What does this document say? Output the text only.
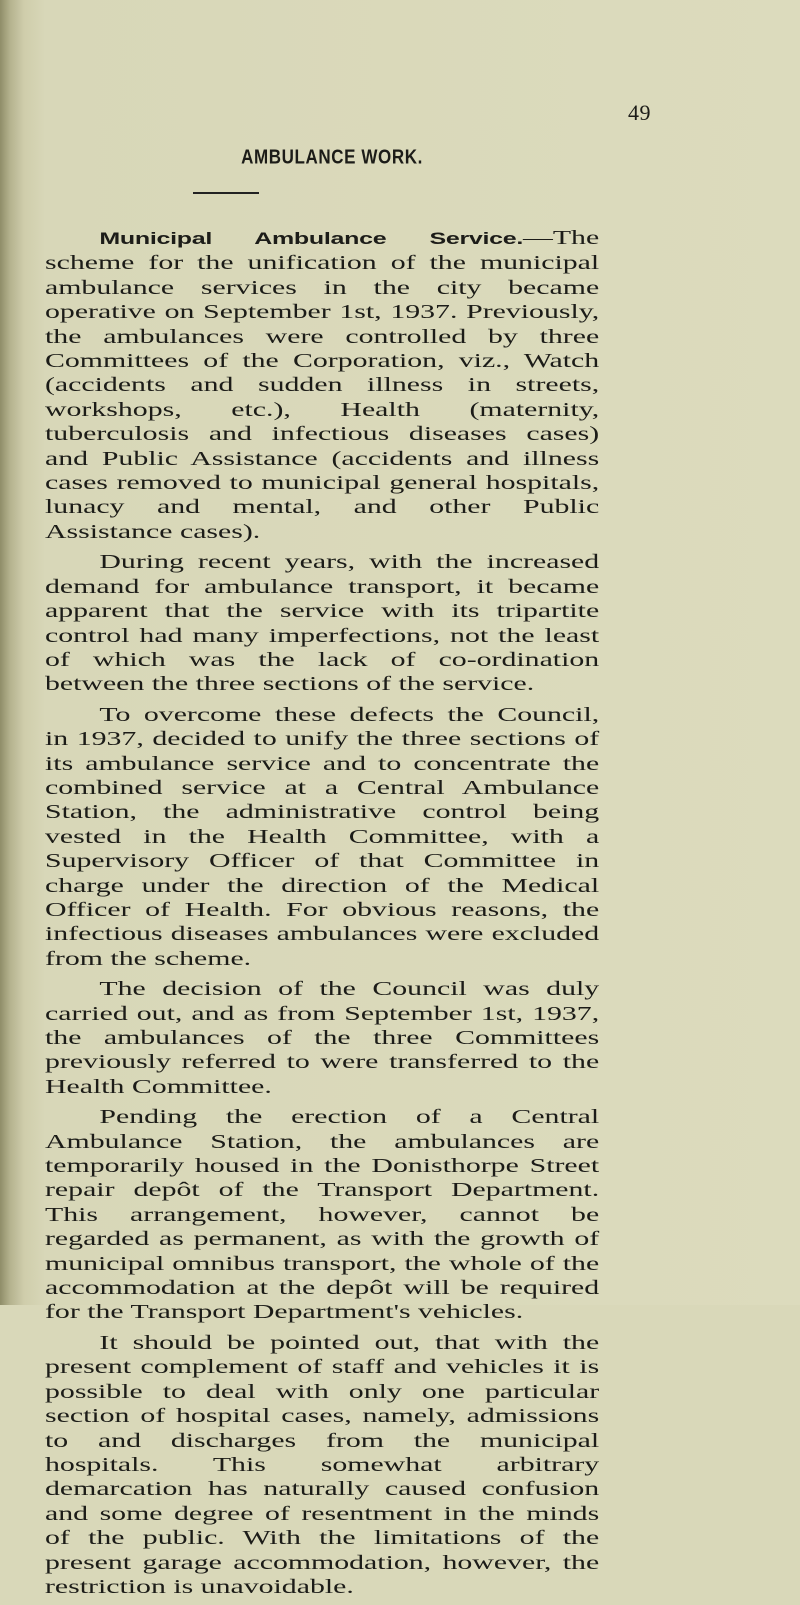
49
AMBULANCE WORK.

Municipal Ambulance Service.—The scheme for the unification of the municipal ambulance services in the city became operative on September 1st, 1937. Previously, the ambulances were controlled by three Committees of the Corporation, viz., Watch (accidents and sudden illness in streets, workshops, etc.), Health (maternity, tuberculosis and infectious diseases cases) and Public Assistance (accidents and illness cases removed to municipal general hospitals, lunacy and mental, and other Public Assistance cases).

During recent years, with the increased demand for ambulance transport, it became apparent that the service with its tripartite control had many imperfections, not the least of which was the lack of co-ordination between the three sections of the service.

To overcome these defects the Council, in 1937, decided to unify the three sections of its ambulance service and to concentrate the combined service at a Central Ambulance Station, the administrative control being vested in the Health Committee, with a Supervisory Officer of that Committee in charge under the direction of the Medical Officer of Health. For obvious reasons, the infectious diseases ambulances were excluded from the scheme.

The decision of the Council was duly carried out, and as from September 1st, 1937, the ambulances of the three Committees previously referred to were transferred to the Health Committee.

Pending the erection of a Central Ambulance Station, the ambulances are temporarily housed in the Donisthorpe Street repair depôt of the Transport Department. This arrangement, however, cannot be regarded as permanent, as with the growth of municipal omnibus transport, the whole of the accommodation at the depôt will be required for the Transport Department's vehicles.

It should be pointed out, that with the present complement of staff and vehicles it is possible to deal with only one particular section of hospital cases, namely, admissions to and discharges from the municipal hospitals. This somewhat arbitrary demarcation has naturally caused confusion and some degree of resentment in the minds of the public. With the limitations of the present garage accommodation, however, the restriction is unavoidable.
